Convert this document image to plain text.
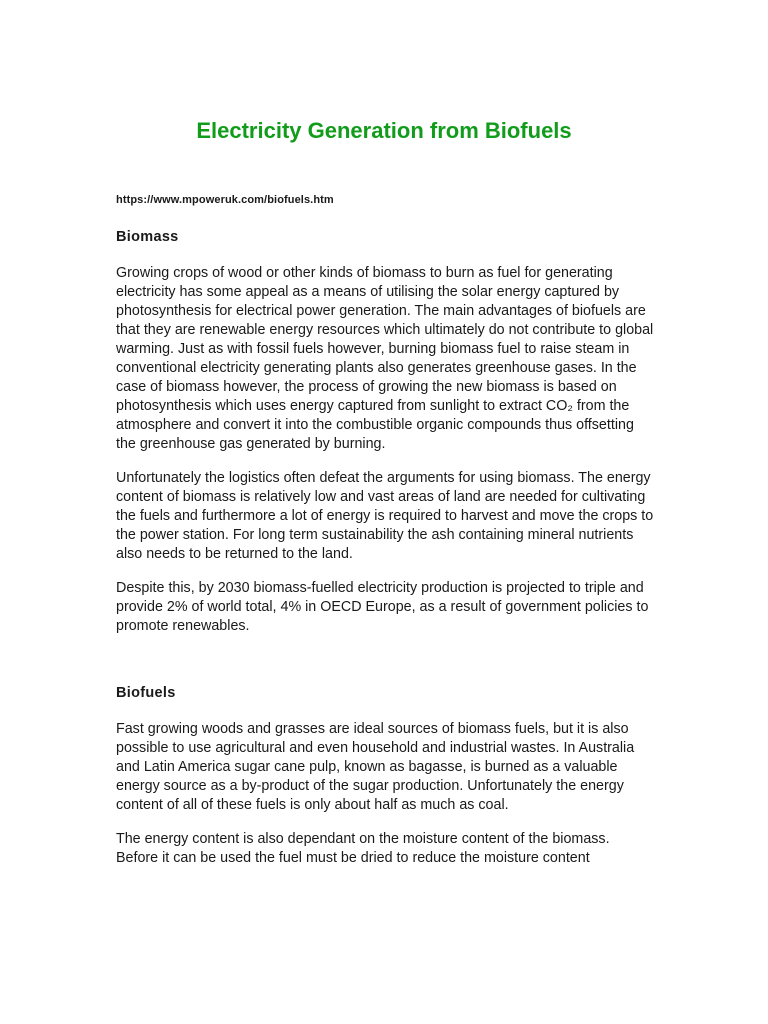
Electricity Generation from Biofuels

https://www.mpoweruk.com/biofuels.htm

Biomass

Growing crops of wood or other kinds of biomass to burn as fuel for generating electricity has some appeal as a means of utilising the solar energy captured by photosynthesis for electrical power generation. The main advantages of biofuels are that they are renewable energy resources which ultimately do not contribute to global warming. Just as with fossil fuels however, burning biomass fuel to raise steam in conventional electricity generating plants also generates greenhouse gases. In the case of biomass however, the process of growing the new biomass is based on photosynthesis which uses energy captured from sunlight to extract CO₂ from the atmosphere and convert it into the combustible organic compounds thus offsetting the greenhouse gas generated by burning.

Unfortunately the logistics often defeat the arguments for using biomass. The energy content of biomass is relatively low and vast areas of land are needed for cultivating the fuels and furthermore a lot of energy is required to harvest and move the crops to the power station. For long term sustainability the ash containing mineral nutrients also needs to be returned to the land.

Despite this, by 2030 biomass-fuelled electricity production is projected to triple and provide 2% of world total, 4% in OECD Europe, as a result of government policies to promote renewables.

Biofuels

Fast growing woods and grasses are ideal sources of biomass fuels, but it is also possible to use agricultural and even household and industrial wastes. In Australia and Latin America sugar cane pulp, known as bagasse, is burned as a valuable energy source as a by-product of the sugar production. Unfortunately the energy content of all of these fuels is only about half as much as coal.

The energy content is also dependant on the moisture content of the biomass. Before it can be used the fuel must be dried to reduce the moisture content
